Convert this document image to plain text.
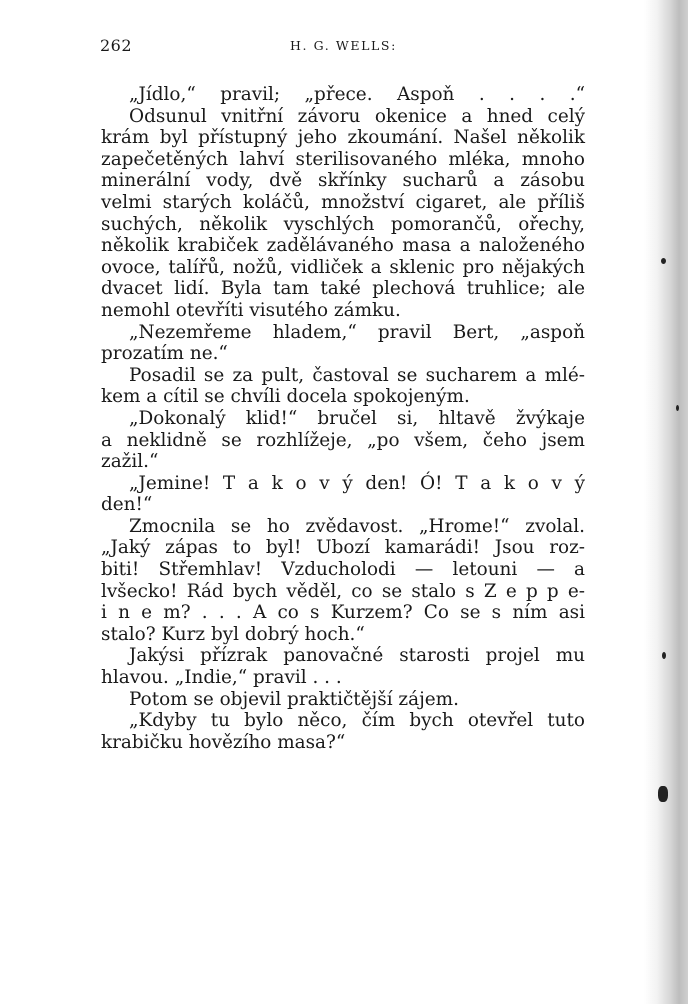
262	H. G. WELLS:
„Jídlo,“ pravil; „přece. Aspoň . . . .“
Odsunul vnitřní závoru okenice a hned celý
krám byl přístupný jeho zkoumání. Našel několik
zapečetěných lahví sterilisovaného mléka, mnoho
minerální vody, dvě skřínky sucharů a zásobu
velmi starých koláčů, množství cigaret, ale příliš
suchých, několik vyschlých pomorančů, ořechy,
několik krabiček zadělávaného masa a naloženého
ovoce, talířů, nožů, vidliček a sklenic pro nějakých
dvacet lidí. Byla tam také plechová truhlice; ale
nemohl otevříti visutého zámku.
„Nezemřeme hladem,“ pravil Bert, „aspoň
prozatím ne.“
Posadil se za pult, častoval se sucharem a mlé-
kem a cítil se chvíli docela spokojeným.
„Dokonalý klid!“ bručel si, hltavě žvýkaje
a neklidně se rozhlížeje, „po všem, čeho jsem
zažil.“
„Jemine! T a k o v ý den! Ó! T a k o v ý
den!“
Zmocnila se ho zvědavost. „Hrome!“ zvolal.
„Jaký zápas to byl! Ubozí kamarádi! Jsou roz-
biti! Střemhlav! Vzducholodi — letouni — a
lvšecko! Rád bych věděl, co se stalo s Z e p p e-
i n e m? . . . A co s Kurzem? Co se s ním asi
stalo? Kurz byl dobrý hoch.“
Jakýsi přízrak panovačné starosti projel mu
hlavou. „Indie,“ pravil . . .
Potom se objevil praktičtější zájem.
„Kdyby tu bylo něco, čím bych otevřel tuto
krabičku hovězího masa?“
